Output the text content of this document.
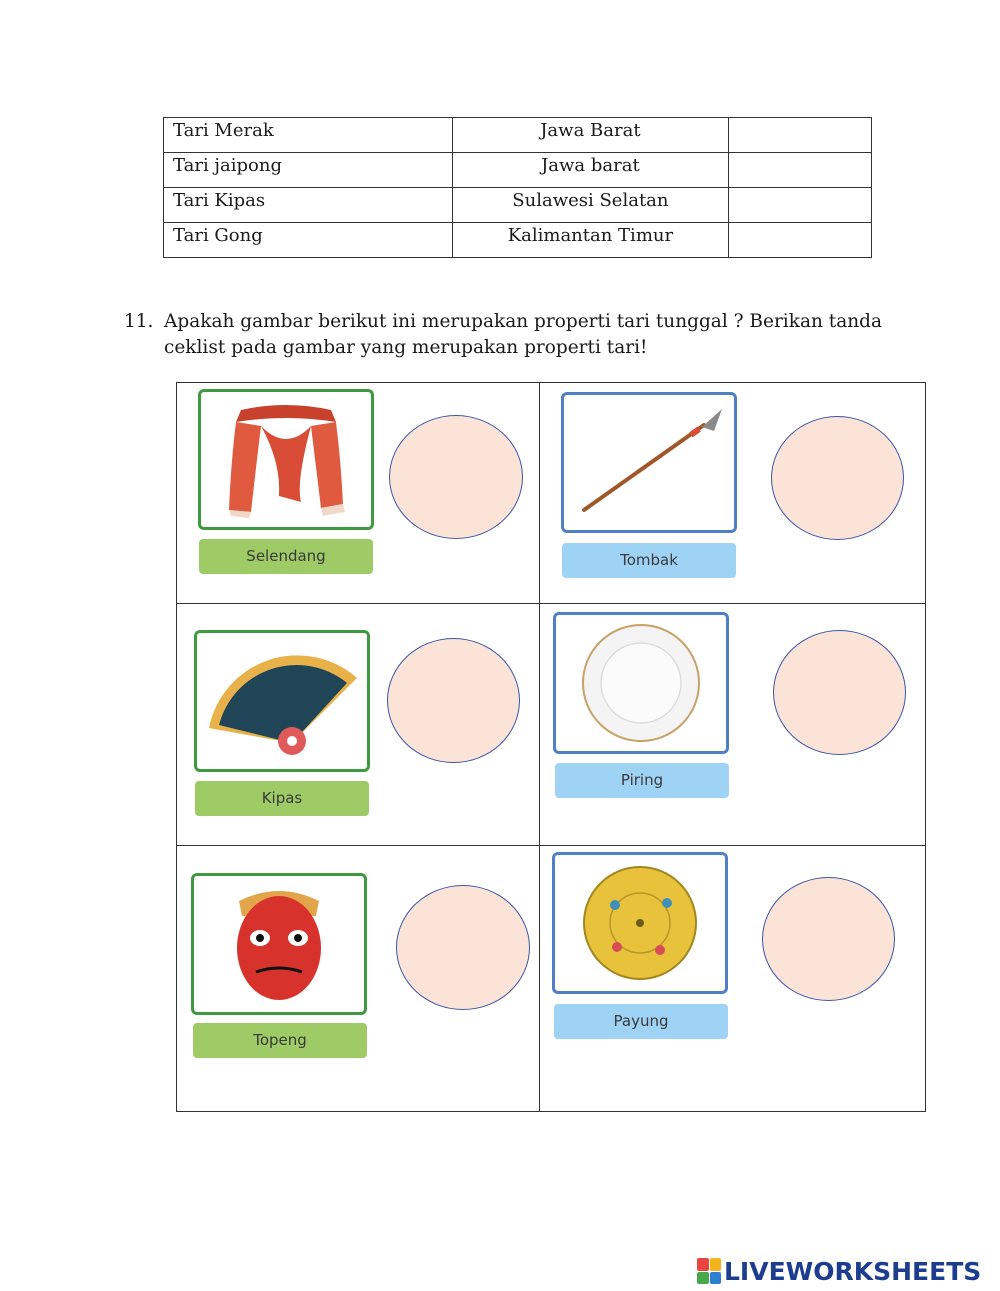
Tari Merak	Jawa Barat	
Tari jaipong	Jawa barat	
Tari Kipas	Sulawesi Selatan	
Tari Gong	Kalimantan Timur	
11. Apakah gambar berikut ini merupakan properti tari tunggal ? Berikan tanda ceklist pada gambar yang merupakan properti tari!
Selendang	Tombak
Kipas
Piring
Topeng
Payung
LIVEWORKSHEETS
